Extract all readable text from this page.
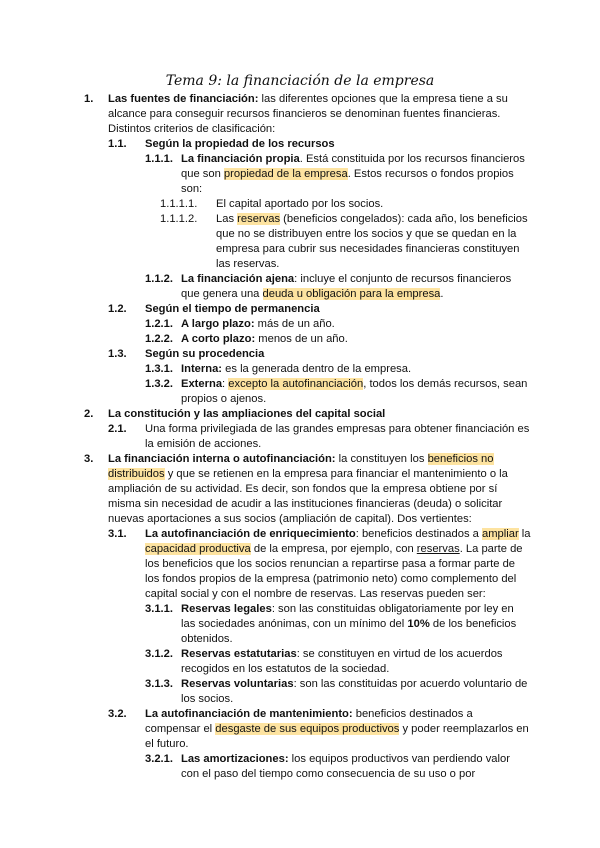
Tema 9: la financiación de la empresa
1. Las fuentes de financiación: las diferentes opciones que la empresa tiene a su
alcance para conseguir recursos financieros se denominan fuentes financieras.
Distintos criterios de clasificación:
1.1. Según la propiedad de los recursos
1.1.1. La financiación propia. Está constituida por los recursos financieros
que son propiedad de la empresa. Estos recursos o fondos propios
son:
1.1.1.1. El capital aportado por los socios.
1.1.1.2. Las reservas (beneficios congelados): cada año, los beneficios
que no se distribuyen entre los socios y que se quedan en la
empresa para cubrir sus necesidades financieras constituyen
las reservas.
1.1.2. La financiación ajena: incluye el conjunto de recursos financieros
que genera una deuda u obligación para la empresa.
1.2. Según el tiempo de permanencia
1.2.1. A largo plazo: más de un año.
1.2.2. A corto plazo: menos de un año.
1.3. Según su procedencia
1.3.1. Interna: es la generada dentro de la empresa.
1.3.2. Externa: excepto la autofinanciación, todos los demás recursos, sean
propios o ajenos.
2. La constitución y las ampliaciones del capital social
2.1. Una forma privilegiada de las grandes empresas para obtener financiación es
la emisión de acciones.
3. La financiación interna o autofinanciación: la constituyen los beneficios no
distribuidos y que se retienen en la empresa para financiar el mantenimiento o la
ampliación de su actividad. Es decir, son fondos que la empresa obtiene por sí
misma sin necesidad de acudir a las instituciones financieras (deuda) o solicitar
nuevas aportaciones a sus socios (ampliación de capital). Dos vertientes:
3.1. La autofinanciación de enriquecimiento: beneficios destinados a ampliar la
capacidad productiva de la empresa, por ejemplo, con reservas. La parte de
los beneficios que los socios renuncian a repartirse pasa a formar parte de
los fondos propios de la empresa (patrimonio neto) como complemento del
capital social y con el nombre de reservas. Las reservas pueden ser:
3.1.1. Reservas legales: son las constituidas obligatoriamente por ley en
las sociedades anónimas, con un mínimo del 10% de los beneficios
obtenidos.
3.1.2. Reservas estatutarias: se constituyen en virtud de los acuerdos
recogidos en los estatutos de la sociedad.
3.1.3. Reservas voluntarias: son las constituidas por acuerdo voluntario de
los socios.
3.2. La autofinanciación de mantenimiento: beneficios destinados a
compensar el desgaste de sus equipos productivos y poder reemplazarlos en
el futuro.
3.2.1. Las amortizaciones: los equipos productivos van perdiendo valor
con el paso del tiempo como consecuencia de su uso o por
